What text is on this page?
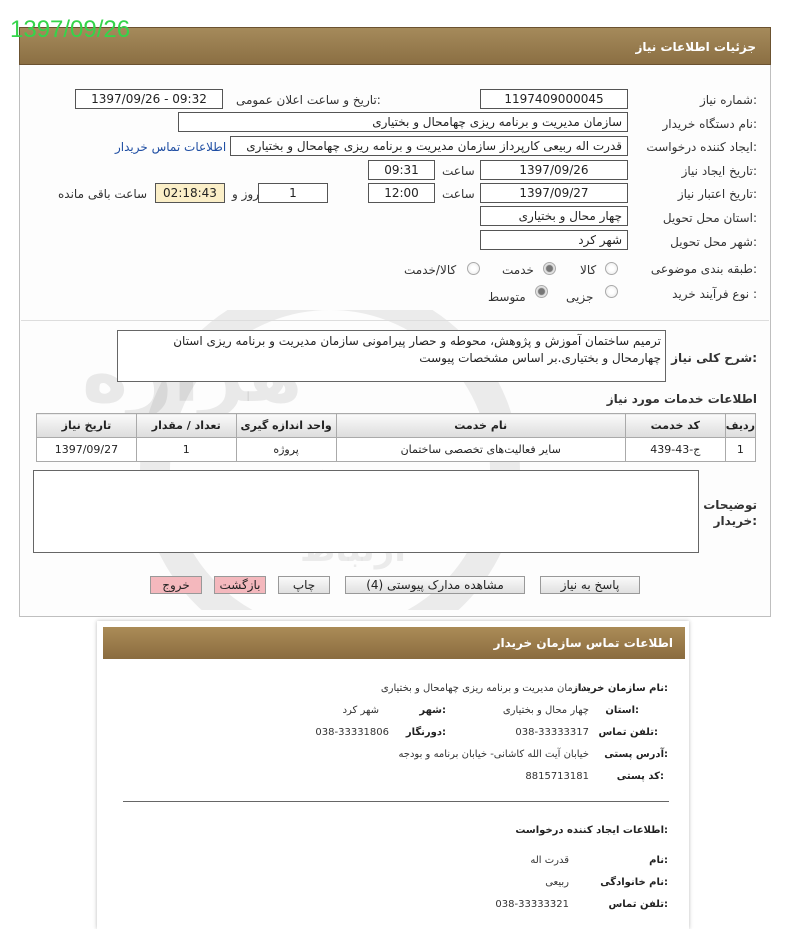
جزئیات اطلاعات نیاز
1397/09/26
شماره نیاز:
1197409000045
تاریخ و ساعت اعلان عمومی:
1397/09/26 - 09:32
نام دستگاه خریدار:
سازمان مدیریت و برنامه ریزی چهامحال و بختیاری
ایجاد کننده درخواست:
قدرت اله ربیعی کارپرداز سازمان مدیریت و برنامه ریزی چهامحال و بختیاری
اطلاعات تماس خریدار
تاریخ ایجاد نیاز:
1397/09/26
ساعت
09:31
تاریخ اعتبار نیاز:
1397/09/27
ساعت
12:00
1
روز و
02:18:43
ساعت باقی مانده
استان محل تحویل:
چهار محال و بختیاری
شهر محل تحویل:
شهر کرد
طبقه بندی موضوعی:
کالا
خدمت
کالا/خدمت
نوع فرآیند خرید :
جزیی
متوسط
شرح کلی نیاز:
ترمیم ساختمان آموزش و پژوهش، محوطه و حصار پیرامونی سازمان مدیریت و برنامه ریزی استان چهارمحال و بختیاری.بر اساس مشخصات پیوست
اطلاعات خدمات مورد نیاز
تاریخ نیاز	تعداد / مقدار	واحد اندازه گیری	نام خدمت	کد خدمت	ردیف
1397/09/27	1	پروژه	سایر فعالیت‌های تخصصی ساختمان	ج-43-439	1
توضیحات خریدار:
پاسخ به نیاز
مشاهده مدارک پیوستی (4)
چاپ
بازگشت
خروج
اطلاعات تماس سازمان خریدار
نام سازمان خریدار:
سازمان مدیریت و برنامه ریزی چهامحال و بختیاری
استان:
چهار محال و بختیاری
شهر:
شهر کرد
تلفن تماس:
038-33333317
دورنگار:
038-33331806
آدرس پستی:
خیابان آیت الله کاشانی- خیابان برنامه و بودجه
کد پستی:
8815713181
اطلاعات ایجاد کننده درخواست:
نام:
قدرت اله
نام خانوادگی:
ربیعی
تلفن تماس:
038-33333321
